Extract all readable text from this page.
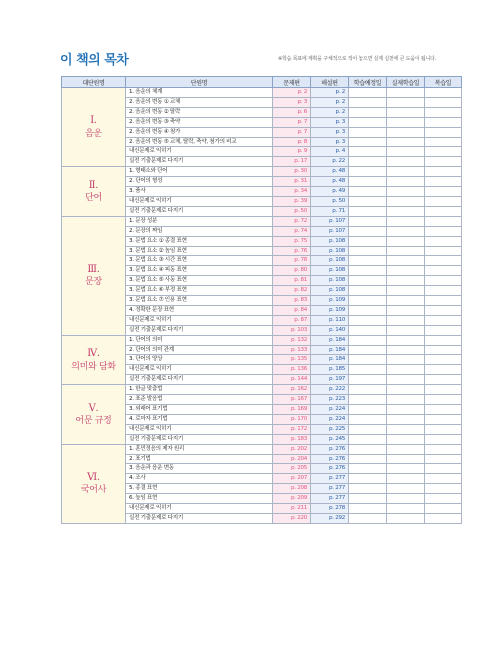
이 책의 목차	※학습 목표에 계획을 구체적으로 적어 놓으면 실제 실천에 큰 도움이 됩니다.
대단원명	단원명	문제편	해설편	학습예정일	실제학습일	복습일

Ⅰ.
음운	1. 음운의 체계	p. 2	p. 2			
	2. 음운의 변동 ① 교체	p. 3	p. 2			
	2. 음운의 변동 ② 탈락	p. 6	p. 2			
	2. 음운의 변동 ③ 축약	p. 7	p. 3			
	2. 음운의 변동 ④ 첨가	p. 7	p. 3			
	2. 음운의 변동 ⑤ 교체, 탈락, 축약, 첨가의 비교	p. 8	p. 3			
	내신문제로 익히기	p. 9	p. 4			
	실전 기출문제로 다지기	p. 17	p. 22			

Ⅱ.
단어	1. 형태소와 단어	p. 30	p. 48			
	2. 단어의 형성	p. 31	p. 48			
	3. 품사	p. 34	p. 49			
	내신문제로 익히기	p. 39	p. 50			
	실전 기출문제로 다지기	p. 50	p. 71			

Ⅲ.
문장	1. 문장 성분	p. 72	p. 107			
	2. 문장의 짜임	p. 74	p. 107			
	3. 문법 요소 ① 종결 표현	p. 75	p. 108			
	3. 문법 요소 ② 높임 표현	p. 76	p. 108			
	3. 문법 요소 ③ 시간 표현	p. 78	p. 108			
	3. 문법 요소 ④ 피동 표현	p. 80	p. 108			
	3. 문법 요소 ⑤ 사동 표현	p. 81	p. 108			
	3. 문법 요소 ⑥ 부정 표현	p. 82	p. 108			
	3. 문법 요소 ⑦ 인용 표현	p. 83	p. 109			
	4. 정확한 문장 표현	p. 84	p. 109			
	내신문제로 익히기	p. 87	p. 110			
	실전 기출문제로 다지기	p. 103	p. 140			

Ⅳ.
의미와 담화	1. 단어의 의미	p. 132	p. 184			
	2. 단어의 의미 관계	p. 133	p. 184			
	3. 단어의 양상	p. 135	p. 184			
	내신문제로 익히기	p. 136	p. 185			
	실전 기출문제로 다지기	p. 144	p. 197			

Ⅴ.
어문 규정	1. 한글 맞춤법	p. 162	p. 222			
	2. 표준 발음법	p. 167	p. 223			
	3. 외래어 표기법	p. 169	p. 224			
	4. 로마자 표기법	p. 170	p. 224			
	내신문제로 익히기	p. 172	p. 225			
	실전 기출문제로 다지기	p. 183	p. 245			

Ⅵ.
국어사	1. 훈민정음의 제자 원리	p. 202	p. 276			
	2. 표기법	p. 204	p. 276			
	3. 음운과 음운 변동	p. 205	p. 276			
	4. 조사	p. 207	p. 277			
	5. 종결 표현	p. 208	p. 277			
	6. 높임 표현	p. 209	p. 277			
	내신문제로 익히기	p. 211	p. 278			
	실전 기출문제로 다지기	p. 220	p. 292			
